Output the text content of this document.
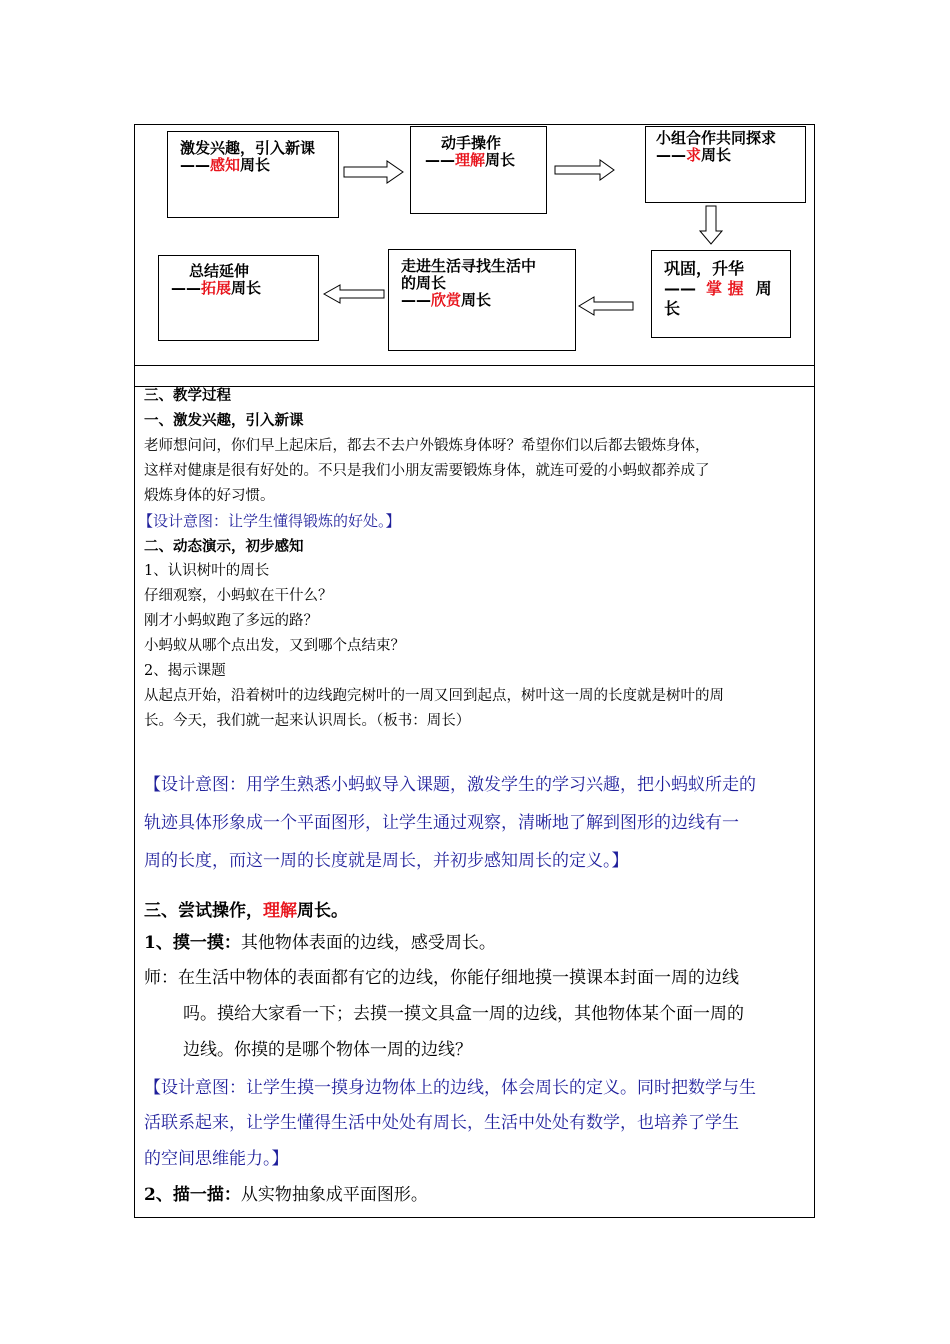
激发兴趣，引入新课
——感知周长
动手操作
——理解周长
小组合作共同探求
——求周长
巩固，升华
—— 掌 握 周
长
走进生活寻找生活中
的周长
——欣赏周长
总结延伸
——拓展周长
三、教学过程
一、激发兴趣，引入新课
老师想问问，你们早上起床后，都去不去户外锻炼身体呀？希望你们以后都去锻炼身体，
这样对健康是很有好处的。不只是我们小朋友需要锻炼身体，就连可爱的小蚂蚁都养成了
煅炼身体的好习惯。
【设计意图：让学生懂得锻炼的好处。】
二、动态演示，初步感知
1、认识树叶的周长
仔细观察，小蚂蚁在干什么？
刚才小蚂蚁跑了多远的路？
小蚂蚁从哪个点出发，又到哪个点结束？
2、揭示课题
从起点开始，沿着树叶的边线跑完树叶的一周又回到起点，树叶这一周的长度就是树叶的周
长。今天，我们就一起来认识周长。（板书：周长）
【设计意图：用学生熟悉小蚂蚁导入课题，激发学生的学习兴趣，把小蚂蚁所走的
轨迹具体形象成一个平面图形，让学生通过观察，清晰地了解到图形的边线有一
周的长度，而这一周的长度就是周长，并初步感知周长的定义。】
三、尝试操作，理解周长。
1、摸一摸：其他物体表面的边线，感受周长。
师：在生活中物体的表面都有它的边线，你能仔细地摸一摸课本封面一周的边线
吗。摸给大家看一下；去摸一摸文具盒一周的边线，其他物体某个面一周的
边线。你摸的是哪个物体一周的边线？
【设计意图：让学生摸一摸身边物体上的边线，体会周长的定义。同时把数学与生
活联系起来，让学生懂得生活中处处有周长，生活中处处有数学，也培养了学生
的空间思维能力。】
2、描一描：从实物抽象成平面图形。
